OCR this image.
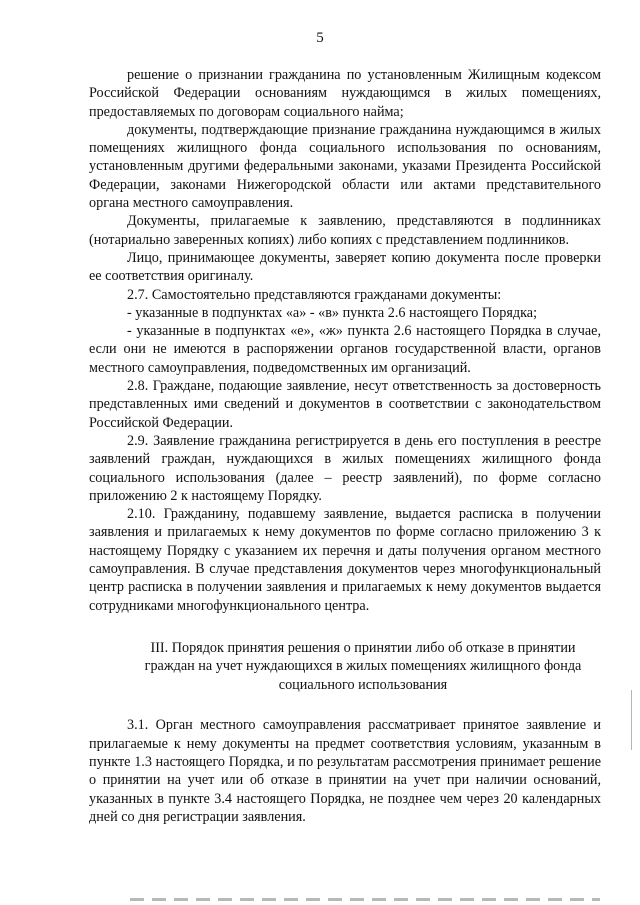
5

решение о признании гражданина по установленным Жилищным кодексом Российской Федерации основаниям нуждающимся в жилых помещениях, предоставляемых по договорам социального найма;

документы, подтверждающие признание гражданина нуждающимся в жилых помещениях жилищного фонда социального использования по основаниям, установленным другими федеральными законами, указами Президента Российской Федерации, законами Нижегородской области или актами представительного органа местного самоуправления.

Документы, прилагаемые к заявлению, представляются в подлинниках (нотариально заверенных копиях) либо копиях с представлением подлинников.

Лицо, принимающее документы, заверяет копию документа после проверки ее соответствия оригиналу.

2.7. Самостоятельно представляются гражданами документы:

- указанные в подпунктах «а» - «в» пункта 2.6 настоящего Порядка;

- указанные в подпунктах «е», «ж» пункта 2.6 настоящего Порядка в случае, если они не имеются в распоряжении органов государственной власти, органов местного самоуправления, подведомственных им организаций.

2.8. Граждане, подающие заявление, несут ответственность за достоверность представленных ими сведений и документов в соответствии с законодательством Российской Федерации.

2.9. Заявление гражданина регистрируется в день его поступления в реестре заявлений граждан, нуждающихся в жилых помещениях жилищного фонда социального использования (далее – реестр заявлений), по форме согласно приложению 2 к настоящему Порядку.

2.10. Гражданину, подавшему заявление, выдается расписка в получении заявления и прилагаемых к нему документов по форме согласно приложению 3 к настоящему Порядку с указанием их перечня и даты получения органом местного самоуправления. В случае представления документов через многофункциональный центр расписка в получении заявления и прилагаемых к нему документов выдается сотрудниками многофункционального центра.

III. Порядок принятия решения о принятии либо об отказе в принятии граждан на учет нуждающихся в жилых помещениях жилищного фонда социального использования

3.1. Орган местного самоуправления рассматривает принятое заявление и прилагаемые к нему документы на предмет соответствия условиям, указанным в пункте 1.3 настоящего Порядка, и по результатам рассмотрения принимает решение о принятии на учет или об отказе в принятии на учет при наличии оснований, указанных в пункте 3.4 настоящего Порядка, не позднее чем через 20 календарных дней со дня регистрации заявления.
